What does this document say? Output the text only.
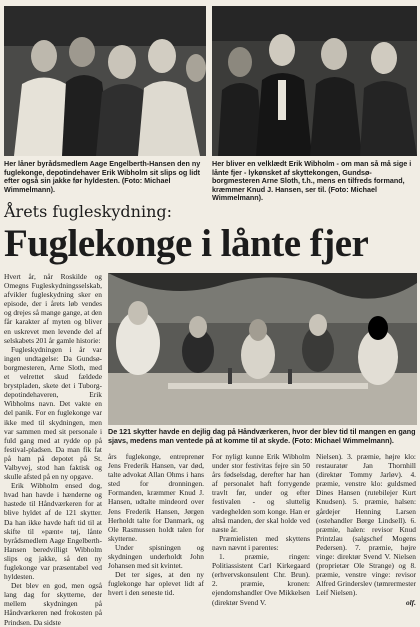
Her låner byrådsmedlem Aage Engelberth-Hansen den ny fuglekonge, depotindehaver Erik Wibholm sit slips og lidt efter også sin jakke før hyldesten. (Foto: Michael Wimmelmann).

Her bliver en velklædt Erik Wibholm - om man så må sige i lånte fjer - lykønsket af skyttekongen, Gundsø-borgmesteren Arne Sloth, t.h., mens en tilfreds formand, kræmmer Knud J. Hansen, ser til. (Foto: Michael Wimmelmann).

Årets fugleskydning:
Fuglekonge i lånte fjer

Hvert år, når Roskilde og Omegns Fugleskydningsselskab, afvikler fugleskydning sker en episode, der i årets løb vendes og drejes så mange gange, at den får karakter af myten og bliver en uskrevet men levende del af selskabets 201 år gamle historie:

Fugleskydningen i år var ingen undtagelse: Da Gundsø-borgmesteren, Arne Sloth, med et velrettet skud fældede brystpladen, skete det i Tuborg-depotindehaveren, Erik Wibholms navn. Det vakte en del panik. For en fuglekonge var ikke med til skydningen, men var sammen med sit personale i fuld gang med at rydde op på festival-pladsen. Da man fik fat på ham på depotet på St. Valbyvej, stod han faktisk og skulle afsted på en ny opgave.

Erik Wibholm ensed dog, hvad han havde i hænderne og hastede til Håndværkeren for at blive hyldet af de 121 skytter. Da han ikke havde haft tid til at skifte til »pænt« tøj, lånte byrådsmedlem Aage Engelberth-Hansen beredvilligt Wibholm slips og jakke, så den ny fuglekonge var præsentabel ved hyldesten.

Det blev en god, men også lang dag for skytterne, der mellem skydningen på Håndværkeren nød frokosten på Prindsen. Da sidste

De 121 skytter havde en dejlig dag på Håndværkeren, hvor der blev tid til mangen en gang sjavs, medens man ventede på at komme til at skyde. (Foto: Michael Wimmelmann).

års fuglekonge, entreprenør Jens Frederik Hansen, var død, talte advokat Allan Ohms i hans sted for dronningen. Formanden, kræmmer Knud J. Hansen, udtalte mindeord over Jens Frederik Hansen, Jørgen Herholdt talte for Danmark, og Ole Rasmussen holdt talen for skytterne.

Under spisningen og skydningen underholdt John Johansen med sit kvintet.

Det ter siges, at den ny fuglekonge har oplevet lidt af hvert i den seneste tid.

For nyligt kunne Erik Wibholm under stor festivitas fejre sin 50 års fødselsdag, derefter har han af personalet haft forrygende travlt før, under og efter festivalen - og sluttelig vædeghelden som konge. Han er altså manden, der skal holde ved næste år.

Præmielisten med skyttens navn nævnt i parentes:

1. præmie, ringen: Politiassistent Carl Kirkegaard (erhvervskonsulent Chr. Brun). 2. præmie, kronen: ejendomshandler Ove Mikkelsen (direktør Svend V.

Nielsen). 3. præmie, højre klo: restauratør Jan Thornhill (direktør Tommy Jarløv). 4. præmie, venstre klo: guldsmed Dines Hansen (rutebilejer Kurt Knudsen). 5. præmie, halsen: gårdejer Henning Larsen (ostehandler Børge Lindsell). 6. præmie, halen: revisor Knud Printzlau (salgschef Mogens Pedersen). 7. præmie, højre vinge: direktør Svend V. Nielsen (proprietær Ole Strange) og 8. præmie, venstre vinge: revisor Alfred Grinderslev (tømrermester Leif Nielsen).

olf.
